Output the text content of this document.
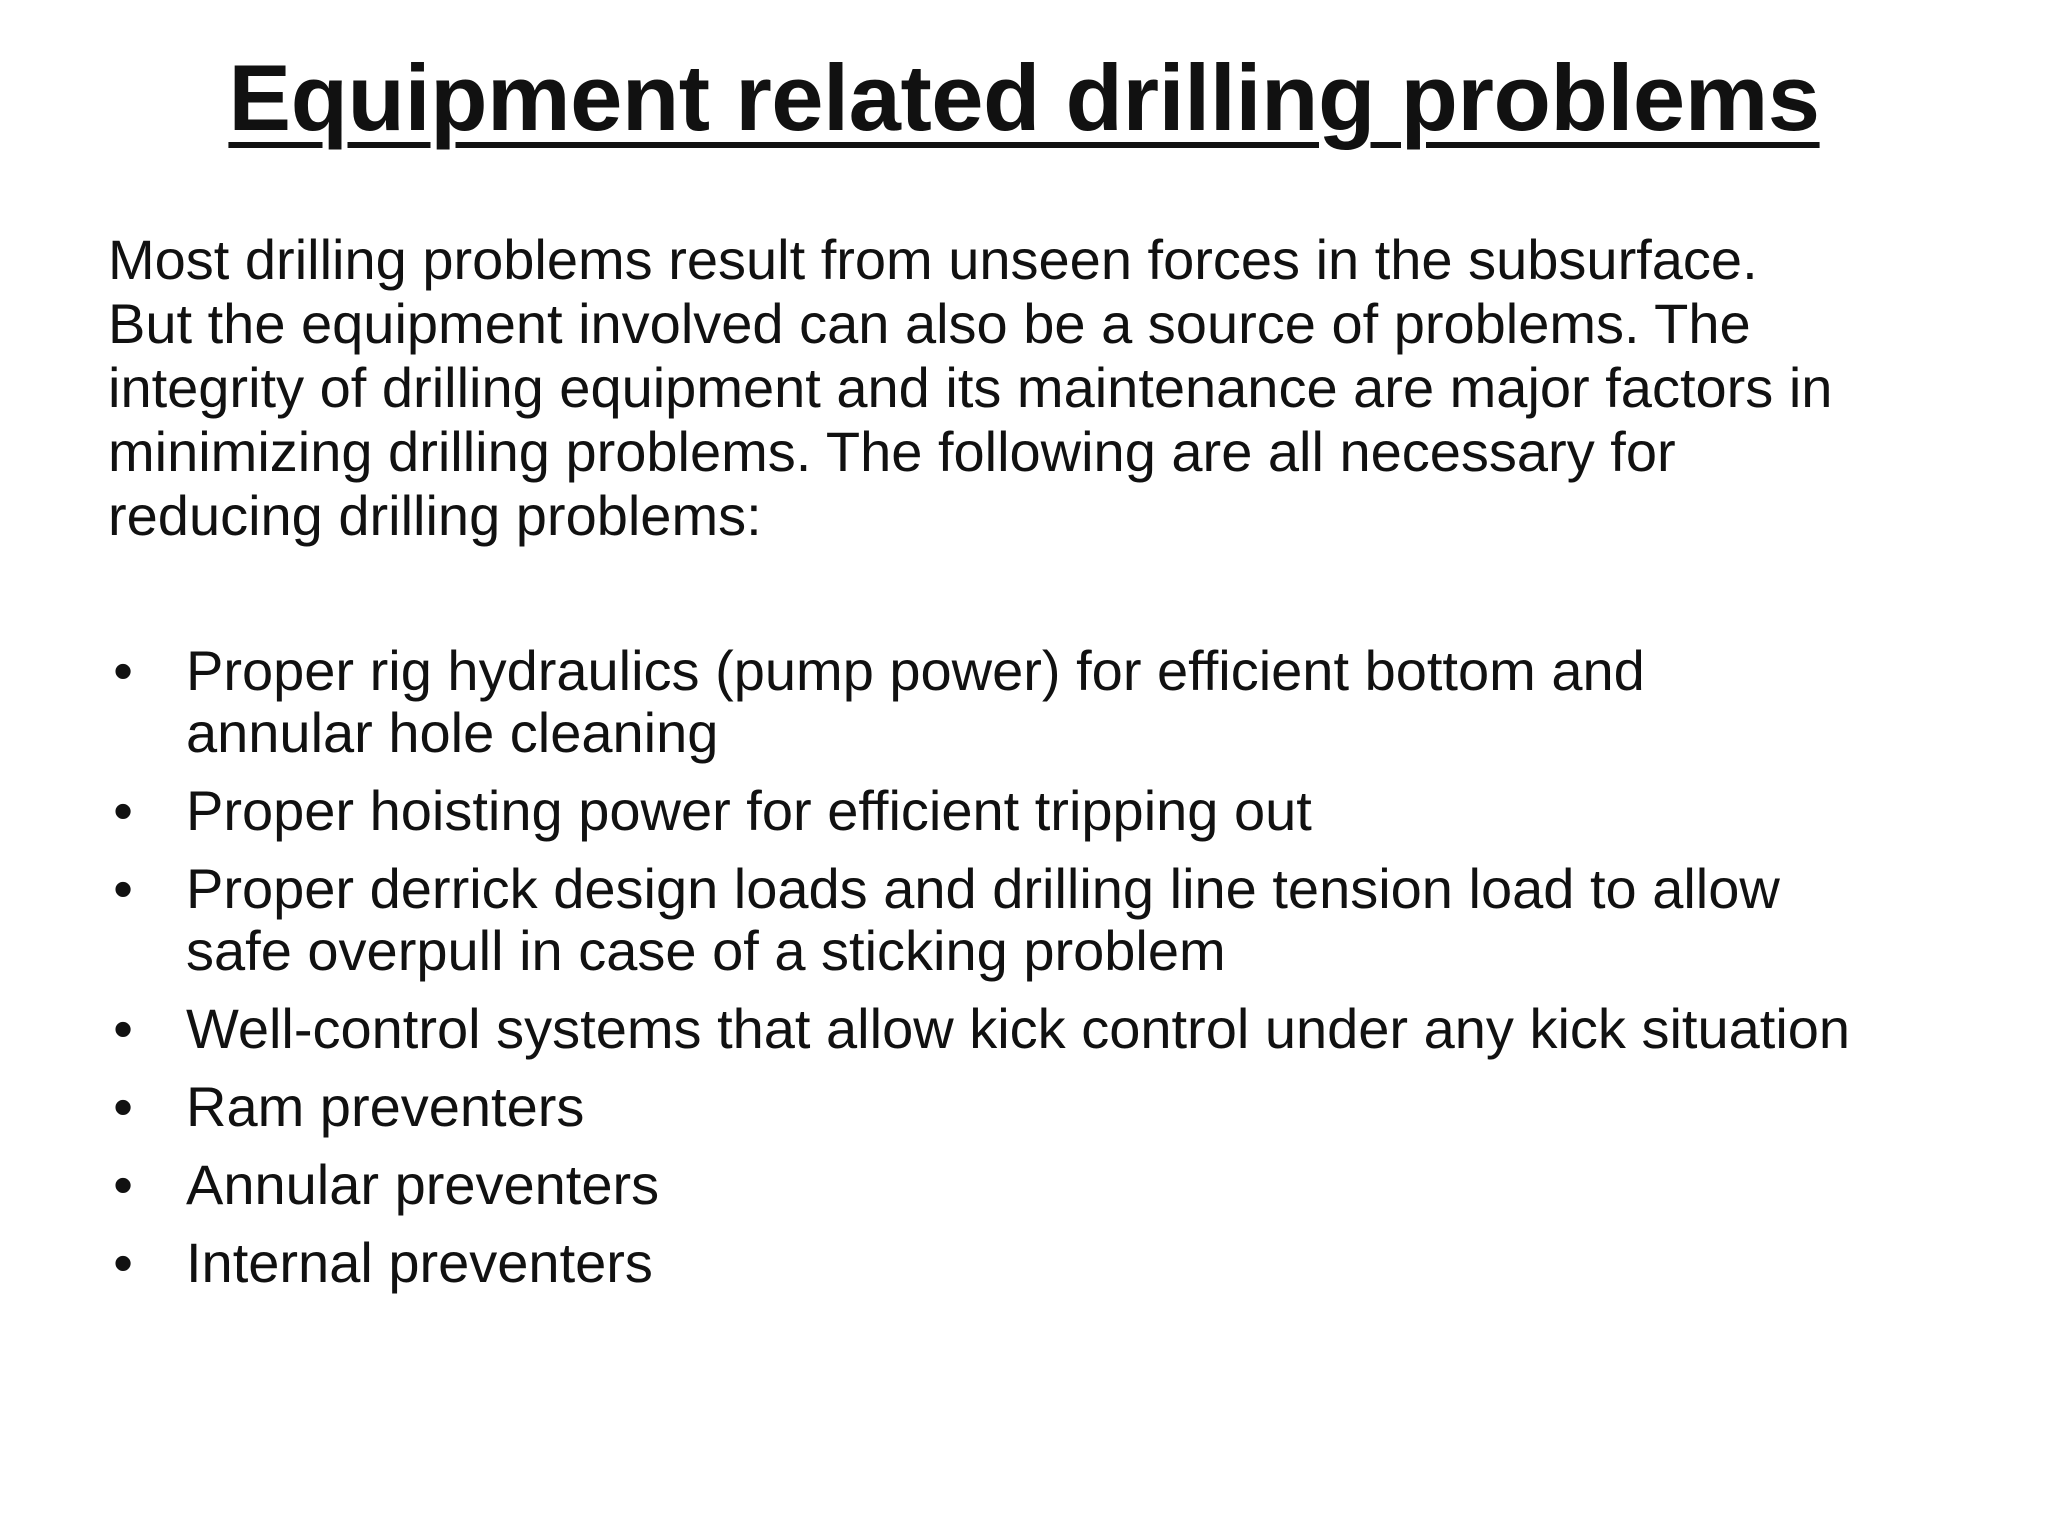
Equipment related drilling problems
Most drilling problems result from unseen forces in the subsurface.
But the equipment involved can also be a source of problems. The
integrity of drilling equipment and its maintenance are major factors in
minimizing drilling problems. The following are all necessary for
reducing drilling problems:
• Proper rig hydraulics (pump power) for efficient bottom and
annular hole cleaning
• Proper hoisting power for efficient tripping out
• Proper derrick design loads and drilling line tension load to allow
safe overpull in case of a sticking problem
• Well-control systems that allow kick control under any kick situation
• Ram preventers
• Annular preventers
• Internal preventers
